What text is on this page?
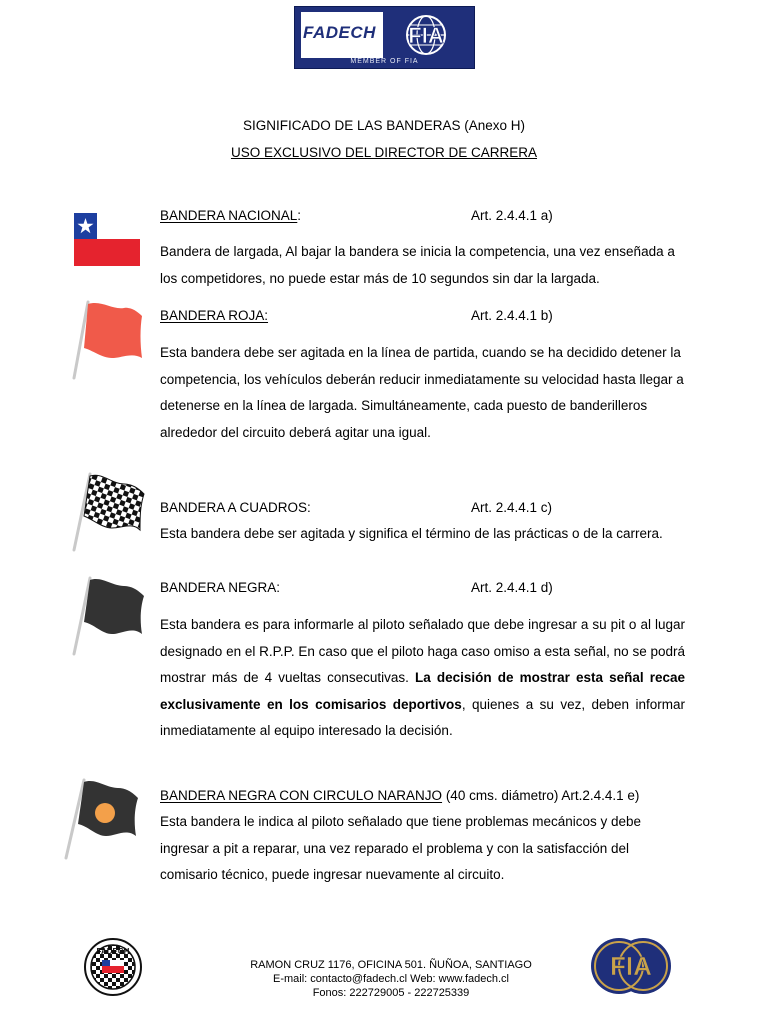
FADECH FIA
MEMBER OF FIA
SIGNIFICADO DE LAS BANDERAS (Anexo H)
USO EXCLUSIVO DEL DIRECTOR DE CARRERA
BANDERA NACIONAL:	Art. 2.4.4.1 a)
Bandera de largada, Al bajar la bandera se inicia la competencia, una vez enseñada a los competidores, no puede estar más de 10 segundos sin dar la largada.
BANDERA ROJA:	Art. 2.4.4.1 b)
Esta bandera debe ser agitada en la línea de partida, cuando se ha decidido detener la competencia, los vehículos deberán reducir inmediatamente su velocidad hasta llegar a detenerse en la línea de largada. Simultáneamente, cada puesto de banderilleros alrededor del circuito deberá agitar una igual.
BANDERA A CUADROS:	Art. 2.4.4.1 c)
Esta bandera debe ser agitada y significa el término de las prácticas o de la carrera.
BANDERA NEGRA:	Art. 2.4.4.1 d)
Esta bandera es para informarle al piloto señalado que debe ingresar a su pit o al lugar designado en el R.P.P. En caso que el piloto haga caso omiso a esta señal, no se podrá mostrar más de 4 vueltas consecutivas. La decisión de mostrar esta señal recae exclusivamente en los comisarios deportivos, quienes a su vez, deben informar inmediatamente al equipo interesado la decisión.
BANDERA NEGRA CON CIRCULO NARANJO (40 cms. diámetro) Art.2.4.4.1 e)
Esta bandera le indica al piloto señalado que tiene problemas mecánicos y debe ingresar a pit a reparar, una vez reparado el problema y con la satisfacción del comisario técnico, puede ingresar nuevamente al circuito.
FADECH
RAMON CRUZ 1176, OFICINA 501. ÑUÑOA, SANTIAGO
E-mail: contacto@fadech.cl Web: www.fadech.cl
Fonos: 222729005 - 222725339
FIA
